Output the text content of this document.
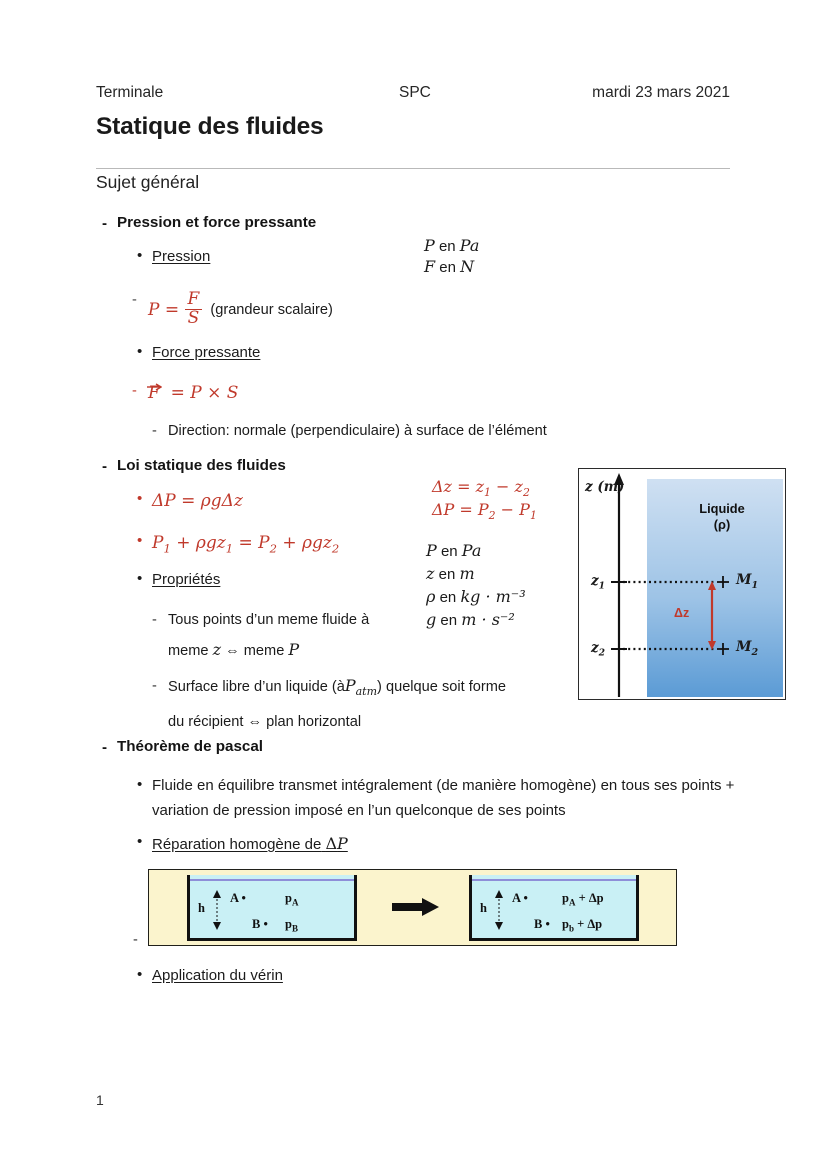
Terminale	SPC	mardi 23 mars 2021
Statique des fluides
Sujet général
- Pression et force pressante
• Pression
P en Pa
F en N
- $P = \frac{F}{S}$ (grandeur scalaire)
• Force pressante
- F
= P × S
- Direction: normale (perpendiculaire) à surface de l’élément
- Loi statique des fluides
• ΔP = ρgΔz
• $P_1 + \rho gz_1 = P_2 + \rho gz_2$
$\Delta z = z_1 - z_2$
$\Delta P = P_2 - P_1$
P en Pa
z en m
ρ en kg · m⁻³
g en m · s⁻²
• Propriétés
- Tous points d’un meme fluide à
meme z ⇔ meme P
- Surface libre d’un liquide $(àP_{atm})$ quelque soit forme
du récipient ⇔ plan horizontal
z (m)
Liquide
(ρ)
$z_1$
$z_2$
$M_1$
$M_2$
Δz
- Théorème de pascal
• Fluide en équilibre transmet intégralement (de manière homogène) en tous ses points + variation de pression imposé en l’un quelconque de ses points
• Réparation homogène de ΔP
-
h
A •	$p_A$
B • $p_B$
h
A •	$p_A + \Delta p$
B • $p_b + \Delta p$
• Application du vérin
1
